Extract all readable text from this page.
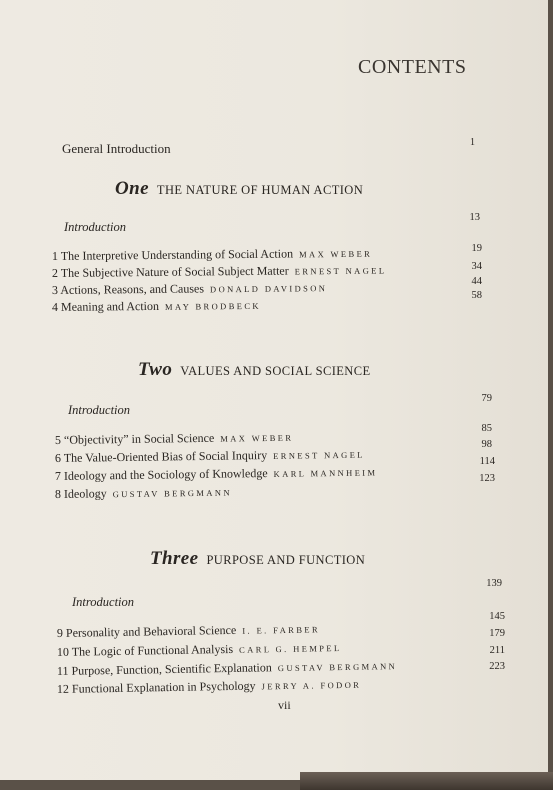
CONTENTS
General Introduction	1
One THE NATURE OF HUMAN ACTION
Introduction
13
1 The Interpretive Understanding of Social Action MAX WEBER
19
2 The Subjective Nature of Social Subject Matter ERNEST NAGEL	34
3 Actions, Reasons, and Causes DONALD DAVIDSON
44
4 Meaning and Action MAY BRODBECK
58
Two VALUES AND SOCIAL SCIENCE
Introduction
79
5 “Objectivity” in Social Science MAX WEBER
85
6 The Value-Oriented Bias of Social Inquiry ERNEST NAGEL
98
7 Ideology and the Sociology of Knowledge KARL MANNHEIM
114
8 Ideology GUSTAV BERGMANN
123
Three PURPOSE AND FUNCTION
Introduction
139
9 Personality and Behavioral Science I. E. FARBER
145
10 The Logic of Functional Analysis CARL G. HEMPEL
179
11 Purpose, Function, Scientific Explanation GUSTAV BERGMANN
211
12 Functional Explanation in Psychology JERRY A. FODOR
223
vii
